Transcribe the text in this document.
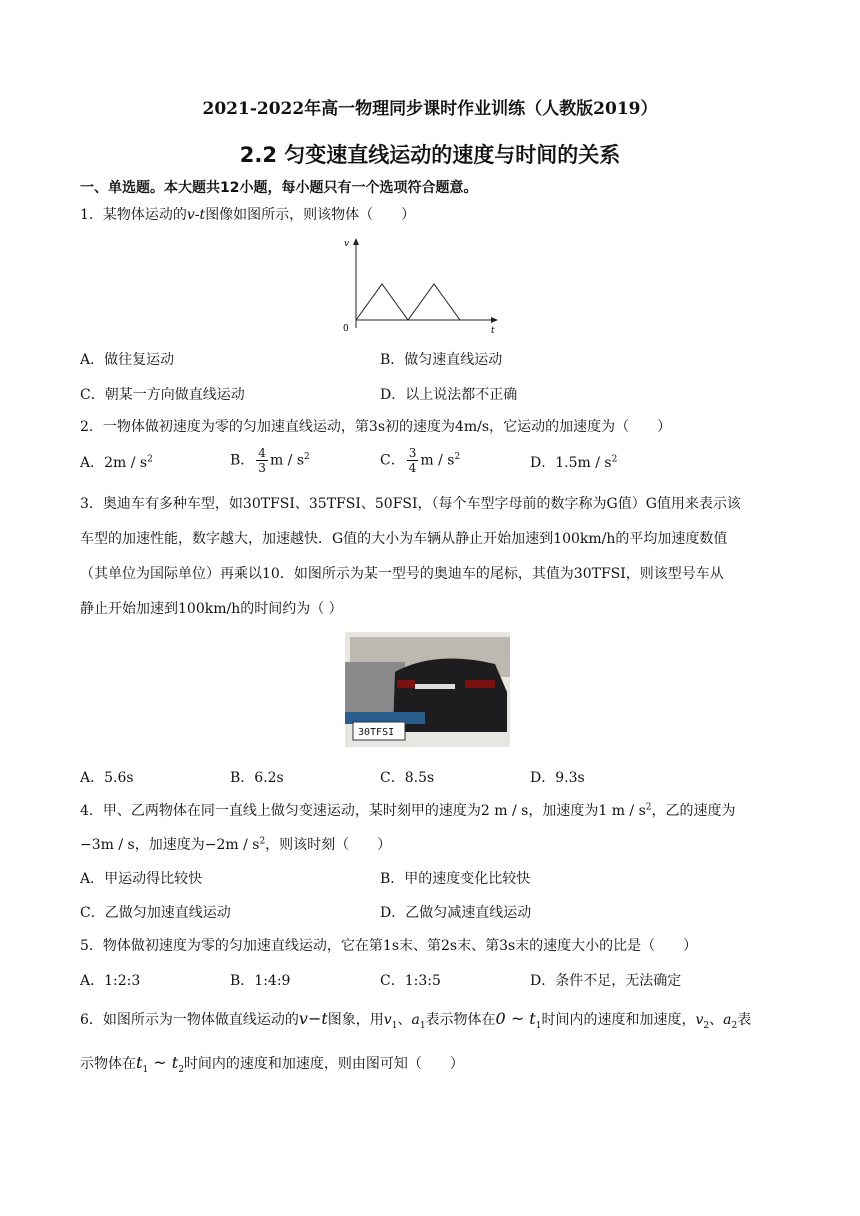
2021-2022年高一物理同步课时作业训练（人教版2019）
2.2 匀变速直线运动的速度与时间的关系
一、单选题。本大题共12小题，每小题只有一个选项符合题意。
1．某物体运动的v-t图像如图所示，则该物体（　　）
v
t
0
A．做往复运动	B．做匀速直线运动
C．朝某一方向做直线运动	D．以上说法都不正确
2．一物体做初速度为零的匀加速直线运动，第3s初的速度为4m/s，它运动的加速度为（　　）
A．$2m / s^2$	B． $\frac{4}{3}$ m / $s^2$	C． $\frac{3}{4}$ m / $s^2$	D．$1.5m / s^2$
3．奥迪车有多种车型，如30TFSI、35TFSI、50FSI，（每个车型字母前的数字称为G值）G值用来表示该
车型的加速性能，数字越大，加速越快．G值的大小为车辆从静止开始加速到100km/h的平均加速度数值
（其单位为国际单位）再乘以10．如图所示为某一型号的奥迪车的尾标，其值为30TFSI，则该型号车从
静止开始加速到100km/h的时间约为（ ）
30TFSI
A．5.6s	B．6.2s	C．8.5s	D．9.3s
4．甲、乙两物体在同一直线上做匀变速运动，某时刻甲的速度为2 m / s，加速度为1 m / $s^2$，乙的速度为
−3m / s，加速度为$-2m / s^2$，则该时刻（　　）
A．甲运动得比较快	B．甲的速度变化比较快
C．乙做匀加速直线运动	D．乙做匀减速直线运动
5．物体做初速度为零的匀加速直线运动，它在第1s末、第2s末、第3s末的速度大小的比是（　　）
A．1:2:3	B．1:4:9	C．1:3:5	D．条件不足，无法确定
6．如图所示为一物体做直线运动的v−t图象，用$v_1$、$a_1$表示物体在0 ~ $t_1$时间内的速度和加速度，$v_2$、$a_2$表
示物体在$t_1$ ~ $t_2$时间内的速度和加速度，则由图可知（　　）
